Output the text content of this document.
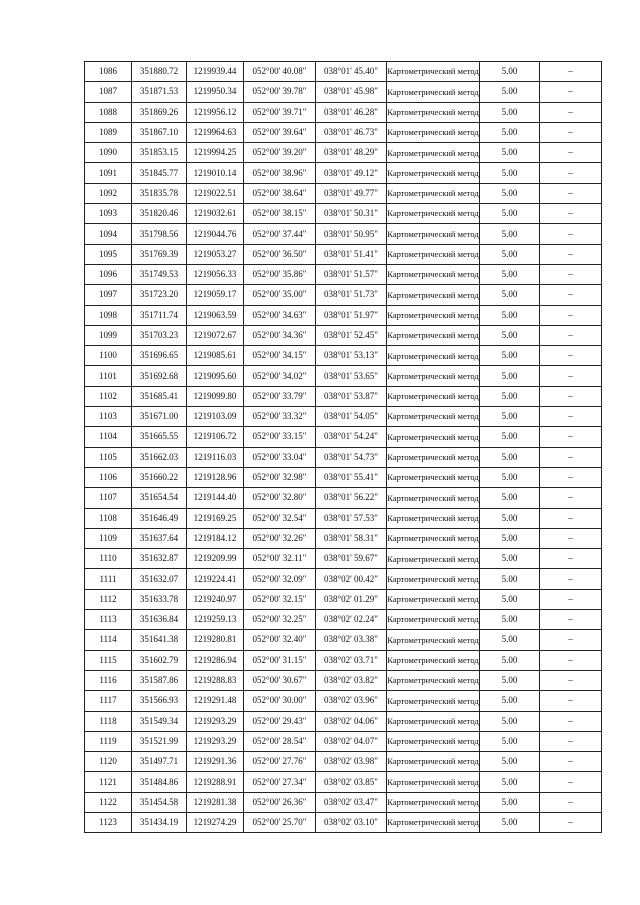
1086	351880.72	1219939.44	052°00' 40.08"	038°01' 45.40"	Картометрический метод	5.00	–
1087	351871.53	1219950.34	052°00' 39.78"	038°01' 45.98"	Картометрический метод	5.00	–
1088	351869.26	1219956.12	052°00' 39.71"	038°01' 46.28"	Картометрический метод	5.00	–
1089	351867.10	1219964.63	052°00' 39.64"	038°01' 46.73"	Картометрический метод	5.00	–
1090	351853.15	1219994.25	052°00' 39.20"	038°01' 48.29"	Картометрический метод	5.00	–
1091	351845.77	1219010.14	052°00' 38.96"	038°01' 49.12"	Картометрический метод	5.00	–
1092	351835.78	1219022.51	052°00' 38.64"	038°01' 49.77"	Картометрический метод	5.00	–
1093	351820.46	1219032.61	052°00' 38.15"	038°01' 50.31"	Картометрический метод	5.00	–
1094	351798.56	1219044.76	052°00' 37.44"	038°01' 50.95"	Картометрический метод	5.00	–
1095	351769.39	1219053.27	052°00' 36.50"	038°01' 51.41"	Картометрический метод	5.00	–
1096	351749.53	1219056.33	052°00' 35.86"	038°01' 51.57"	Картометрический метод	5.00	–
1097	351723.20	1219059.17	052°00' 35.00"	038°01' 51.73"	Картометрический метод	5.00	–
1098	351711.74	1219063.59	052°00' 34.63"	038°01' 51.97"	Картометрический метод	5.00	–
1099	351703.23	1219072.67	052°00' 34.36"	038°01' 52.45"	Картометрический метод	5.00	–
1100	351696.65	1219085.61	052°00' 34.15"	038°01' 53.13"	Картометрический метод	5.00	–
1101	351692.68	1219095.60	052°00' 34.02"	038°01' 53.65"	Картометрический метод	5.00	–
1102	351685.41	1219099.80	052°00' 33.79"	038°01' 53.87"	Картометрический метод	5.00	–
1103	351671.00	1219103.09	052°00' 33.32"	038°01' 54.05"	Картометрический метод	5.00	–
1104	351665.55	1219106.72	052°00' 33.15"	038°01' 54.24"	Картометрический метод	5.00	–
1105	351662.03	1219116.03	052°00' 33.04"	038°01' 54.73"	Картометрический метод	5.00	–
1106	351660.22	1219128.96	052°00' 32.98"	038°01' 55.41"	Картометрический метод	5.00	–
1107	351654.54	1219144.40	052°00' 32.80"	038°01' 56.22"	Картометрический метод	5.00	–
1108	351646.49	1219169.25	052°00' 32.54"	038°01' 57.53"	Картометрический метод	5.00	–
1109	351637.64	1219184.12	052°00' 32.26"	038°01' 58.31"	Картометрический метод	5.00	–
1110	351632.87	1219209.99	052°00' 32.11"	038°01' 59.67"	Картометрический метод	5.00	–
1111	351632.07	1219224.41	052°00' 32.09"	038°02' 00.42"	Картометрический метод	5.00	–
1112	351633.78	1219240.97	052°00' 32.15"	038°02' 01.29"	Картометрический метод	5.00	–
1113	351636.84	1219259.13	052°00' 32.25"	038°02' 02.24"	Картометрический метод	5.00	–
1114	351641.38	1219280.81	052°00' 32.40"	038°02' 03.38"	Картометрический метод	5.00	–
1115	351602.79	1219286.94	052°00' 31.15"	038°02' 03.71"	Картометрический метод	5.00	–
1116	351587.86	1219288.83	052°00' 30.67"	038°02' 03.82"	Картометрический метод	5.00	–
1117	351566.93	1219291.48	052°00' 30.00"	038°02' 03.96"	Картометрический метод	5.00	–
1118	351549.34	1219293.29	052°00' 29.43"	038°02' 04.06"	Картометрический метод	5.00	–
1119	351521.99	1219293.29	052°00' 28.54"	038°02' 04.07"	Картометрический метод	5.00	–
1120	351497.71	1219291.36	052°00' 27.76"	038°02' 03.98"	Картометрический метод	5.00	–
1121	351484.86	1219288.91	052°00' 27.34"	038°02' 03.85"	Картометрический метод	5.00	–
1122	351454.58	1219281.38	052°00' 26.36"	038°02' 03.47"	Картометрический метод	5.00	–
1123	351434.19	1219274.29	052°00' 25.70"	038°02' 03.10"	Картометрический метод	5.00	–
